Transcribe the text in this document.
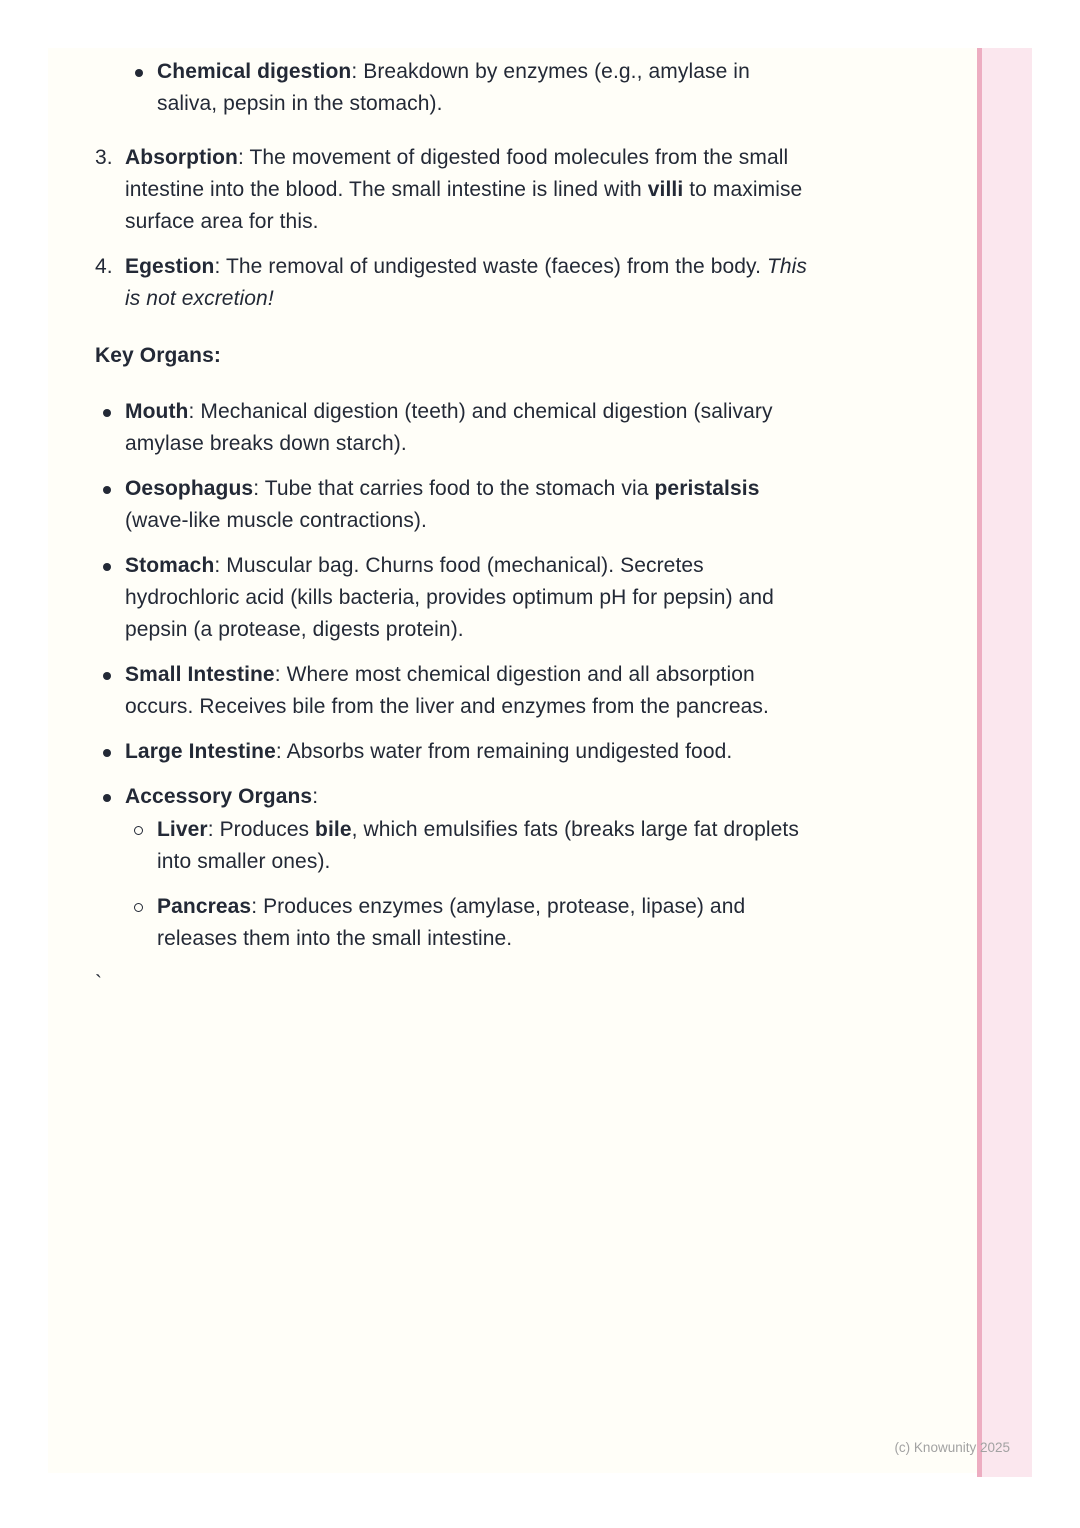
Chemical digestion: Breakdown by enzymes (e.g., amylase in saliva, pepsin in the stomach).
3. Absorption: The movement of digested food molecules from the small intestine into the blood. The small intestine is lined with villi to maximise surface area for this.
4. Egestion: The removal of undigested waste (faeces) from the body. This is not excretion!
Key Organs:
Mouth: Mechanical digestion (teeth) and chemical digestion (salivary amylase breaks down starch).
Oesophagus: Tube that carries food to the stomach via peristalsis (wave-like muscle contractions).
Stomach: Muscular bag. Churns food (mechanical). Secretes hydrochloric acid (kills bacteria, provides optimum pH for pepsin) and pepsin (a protease, digests protein).
Small Intestine: Where most chemical digestion and all absorption occurs. Receives bile from the liver and enzymes from the pancreas.
Large Intestine: Absorbs water from remaining undigested food.
Accessory Organs:
Liver: Produces bile, which emulsifies fats (breaks large fat droplets into smaller ones).
Pancreas: Produces enzymes (amylase, protease, lipase) and releases them into the small intestine.
`
(c) Knowunity 2025
